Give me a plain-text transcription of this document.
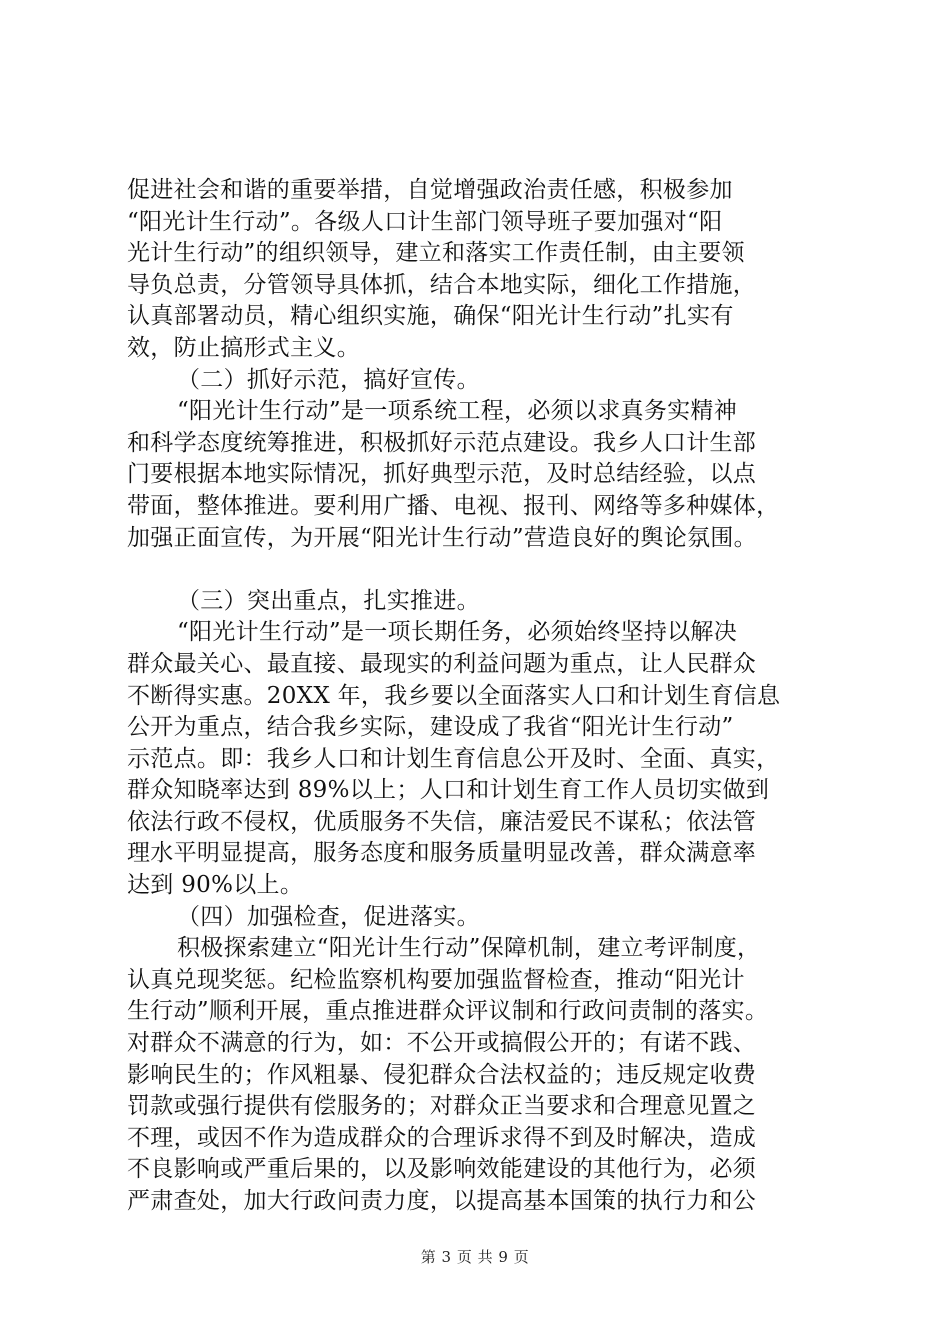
促进社会和谐的重要举措，自觉增强政治责任感，积极参加
“阳光计生行动”。各级人口计生部门领导班子要加强对“阳
光计生行动”的组织领导，建立和落实工作责任制，由主要领
导负总责，分管领导具体抓，结合本地实际，细化工作措施，
认真部署动员，精心组织实施，确保“阳光计生行动”扎实有
效，防止搞形式主义。
（二）抓好示范，搞好宣传。
“阳光计生行动”是一项系统工程，必须以求真务实精神
和科学态度统筹推进，积极抓好示范点建设。我乡人口计生部
门要根据本地实际情况，抓好典型示范，及时总结经验，以点
带面，整体推进。要利用广播、电视、报刊、网络等多种媒体，
加强正面宣传，为开展“阳光计生行动”营造良好的舆论氛围。
（三）突出重点，扎实推进。
“阳光计生行动”是一项长期任务，必须始终坚持以解决
群众最关心、最直接、最现实的利益问题为重点，让人民群众
不断得实惠。20XX 年，我乡要以全面落实人口和计划生育信息
公开为重点，结合我乡实际，建设成了我省“阳光计生行动”
示范点。即：我乡人口和计划生育信息公开及时、全面、真实，
群众知晓率达到 89%以上；人口和计划生育工作人员切实做到
依法行政不侵权，优质服务不失信，廉洁爱民不谋私；依法管
理水平明显提高，服务态度和服务质量明显改善，群众满意率
达到 90%以上。
（四）加强检查，促进落实。
积极探索建立“阳光计生行动”保障机制，建立考评制度，
认真兑现奖惩。纪检监察机构要加强监督检查，推动“阳光计
生行动”顺利开展，重点推进群众评议制和行政问责制的落实。
对群众不满意的行为，如：不公开或搞假公开的；有诺不践、
影响民生的；作风粗暴、侵犯群众合法权益的；违反规定收费
罚款或强行提供有偿服务的；对群众正当要求和合理意见置之
不理，或因不作为造成群众的合理诉求得不到及时解决，造成
不良影响或严重后果的，以及影响效能建设的其他行为，必须
严肃查处，加大行政问责力度，以提高基本国策的执行力和公
第 3 页 共 9 页
